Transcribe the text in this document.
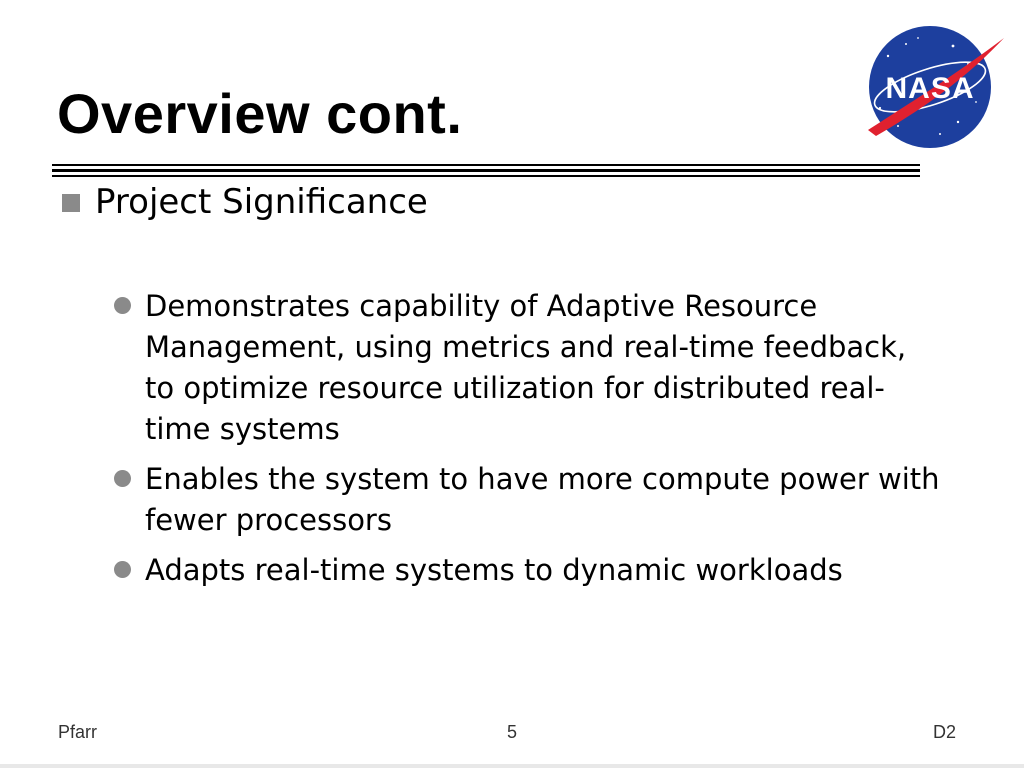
Overview cont.	NASA
Project Significance
Demonstrates capability of Adaptive Resource Management, using metrics and real-time feedback, to optimize resource utilization for distributed real-time systems
Enables the system to have more compute power with fewer processors
Adapts real-time systems to dynamic workloads
Pfarr	5	D2
